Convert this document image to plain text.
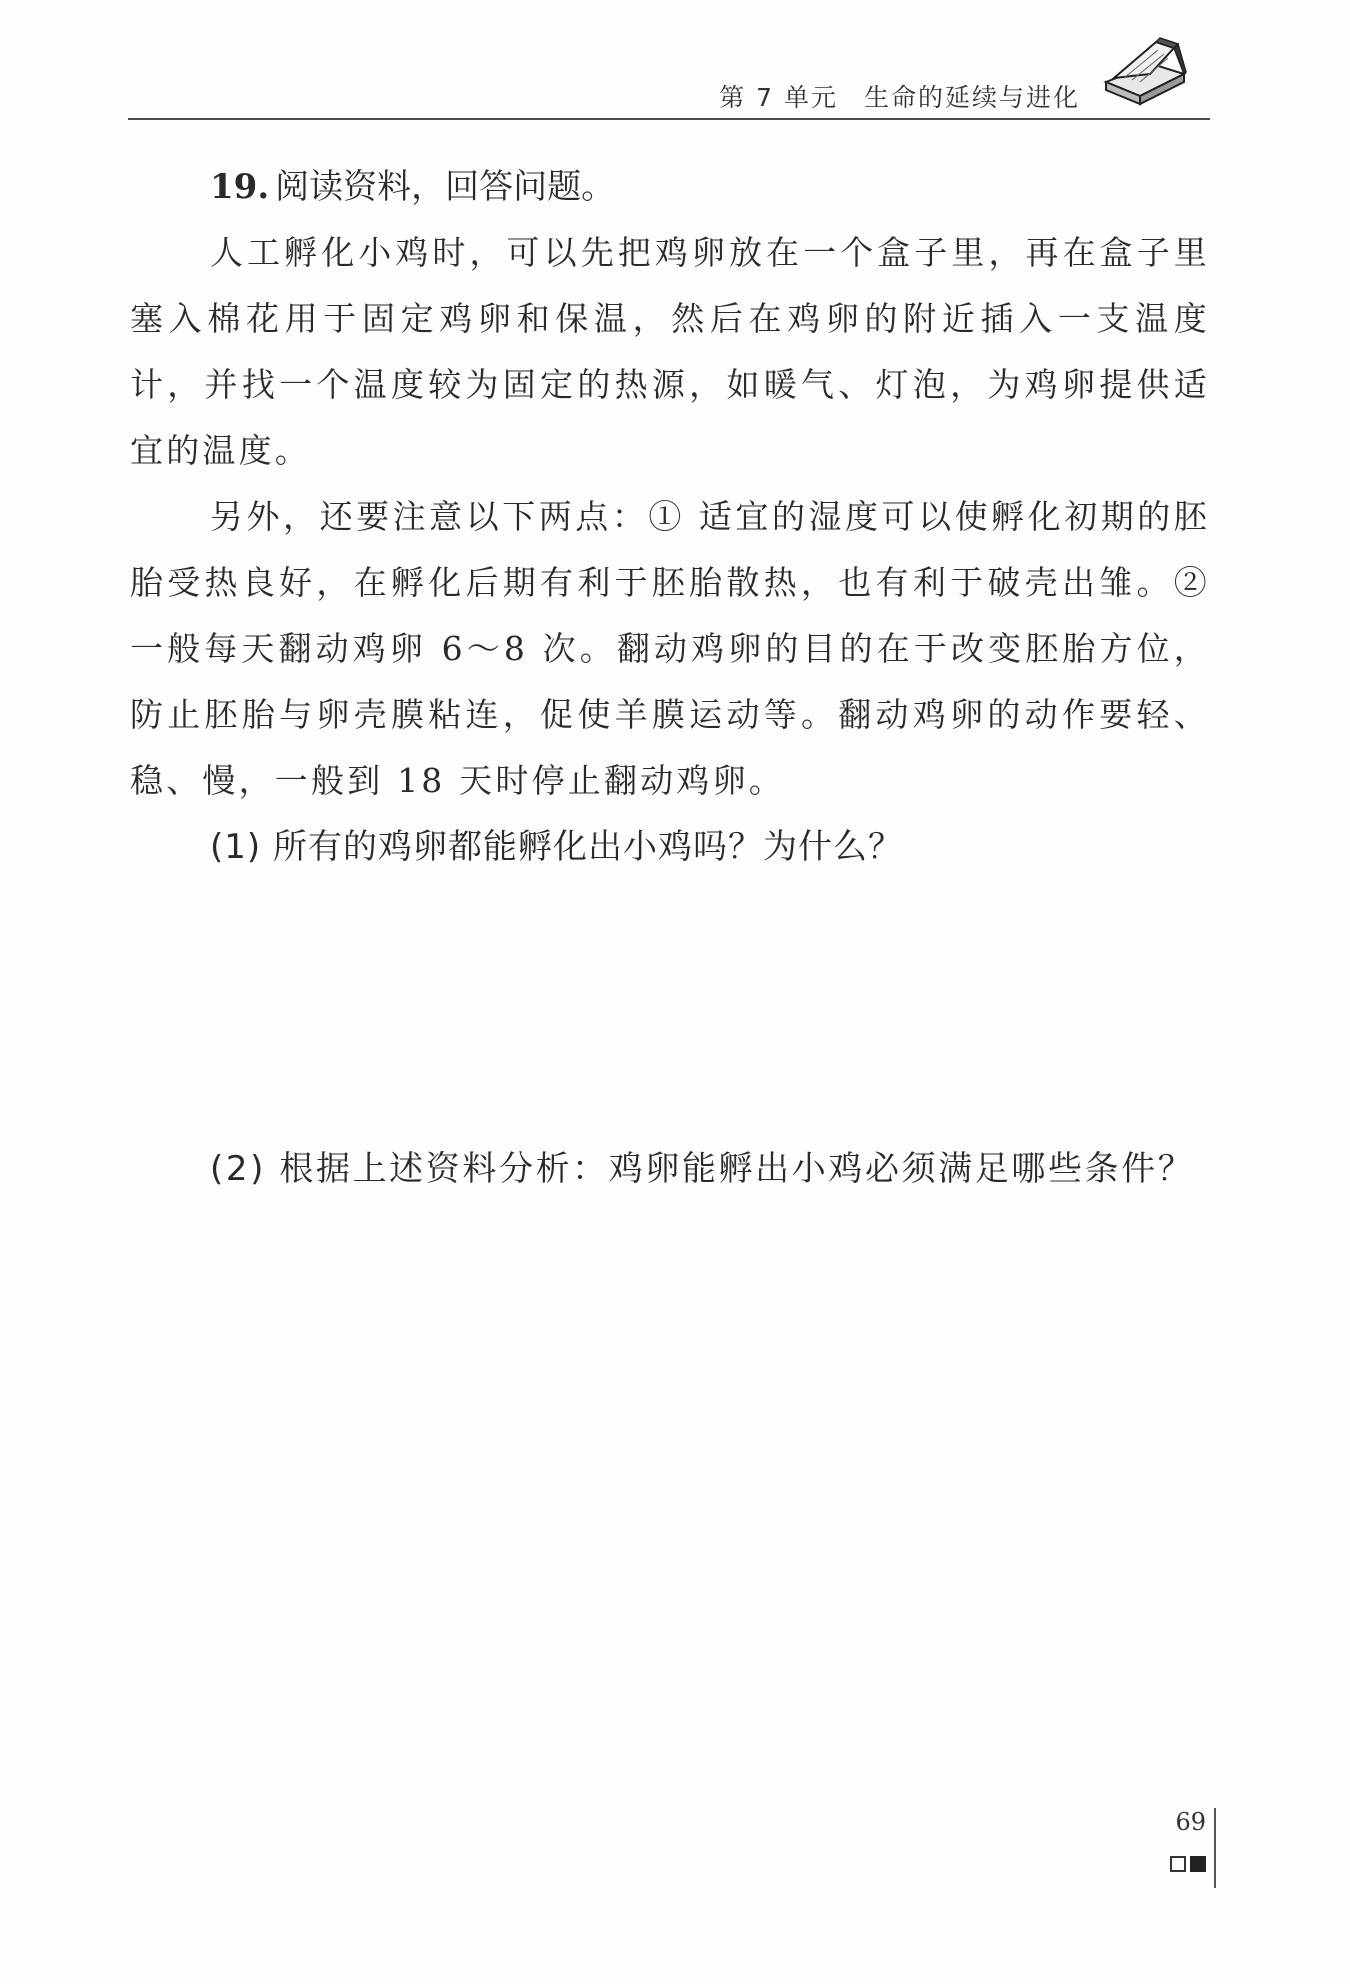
第 7 单元 生命的延续与进化

19. 阅读资料，回答问题。

人工孵化小鸡时，可以先把鸡卵放在一个盒子里，再在盒子里塞入棉花用于固定鸡卵和保温，然后在鸡卵的附近插入一支温度计，并找一个温度较为固定的热源，如暖气、灯泡，为鸡卵提供适宜的温度。

另外，还要注意以下两点：① 适宜的湿度可以使孵化初期的胚胎受热良好，在孵化后期有利于胚胎散热，也有利于破壳出雏。② 一般每天翻动鸡卵 6～8 次。翻动鸡卵的目的在于改变胚胎方位，防止胚胎与卵壳膜粘连，促使羊膜运动等。翻动鸡卵的动作要轻、稳、慢，一般到 18 天时停止翻动鸡卵。

(1) 所有的鸡卵都能孵化出小鸡吗？为什么？

(2) 根据上述资料分析：鸡卵能孵出小鸡必须满足哪些条件？

69
